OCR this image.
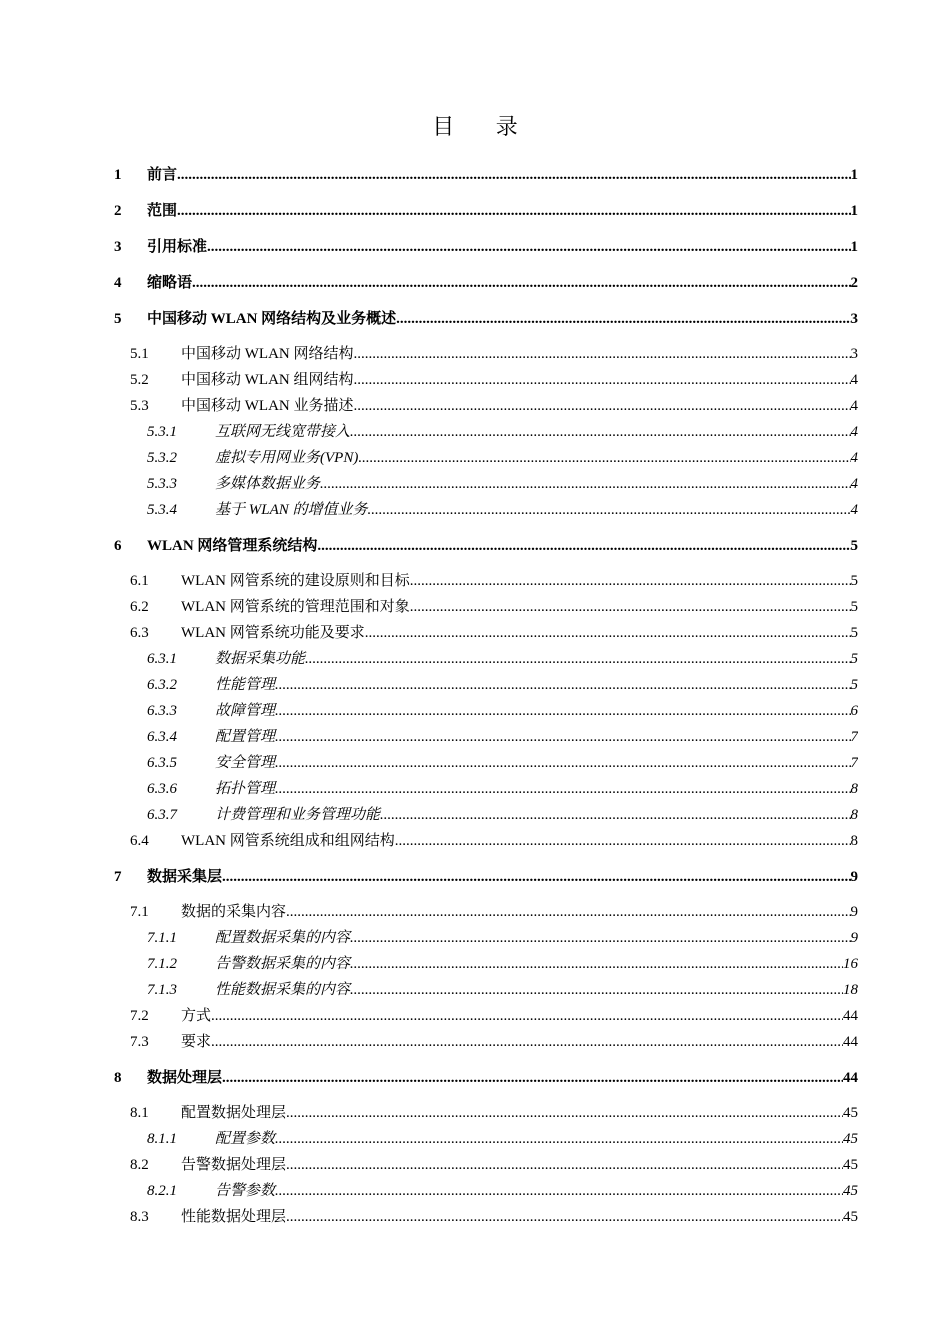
目 录
1 前言 .....	1
2 范围 .....	1
3 引用标准 .....	1
4 缩略语 .....	2
5 中国移动 WLAN 网络结构及业务概述 .....	3
5.1 中国移动 WLAN 网络结构 .....	3
5.2 中国移动 WLAN 组网结构 .....	4
5.3 中国移动 WLAN 业务描述 .....	4
5.3.1	互联网无线宽带接入 .....	4
5.3.2	虚拟专用网业务(VPN) .....	4
5.3.3	多媒体数据业务 .....	4
5.3.4	基于 WLAN 的增值业务 .....	4
6 WLAN 网络管理系统结构 .....	5
6.1 WLAN 网管系统的建设原则和目标 .....	5
6.2 WLAN 网管系统的管理范围和对象 .....	5
6.3 WLAN 网管系统功能及要求 .....	5
6.3.1	数据采集功能 .....	5
6.3.2	性能管理 .....	5
6.3.3	故障管理 .....	6
6.3.4	配置管理 .....	7
6.3.5	安全管理 .....	7
6.3.6	拓扑管理 .....	8
6.3.7	计费管理和业务管理功能 .....	8
6.4 WLAN 网管系统组成和组网结构 .....	8
7 数据采集层 .....	9
7.1 数据的采集内容 .....	9
7.1.1	配置数据采集的内容 .....	9
7.1.2	告警数据采集的内容 .....	16
7.1.3	性能数据采集的内容 .....	18
7.2 方式 .....	44
7.3 要求 .....	44
8 数据处理层 .....	44
8.1 配置数据处理层 .....	45
8.1.1	配置参数 .....	45
8.2 告警数据处理层 .....	45
8.2.1	告警参数 .....	45
8.3 性能数据处理层 .....	45
